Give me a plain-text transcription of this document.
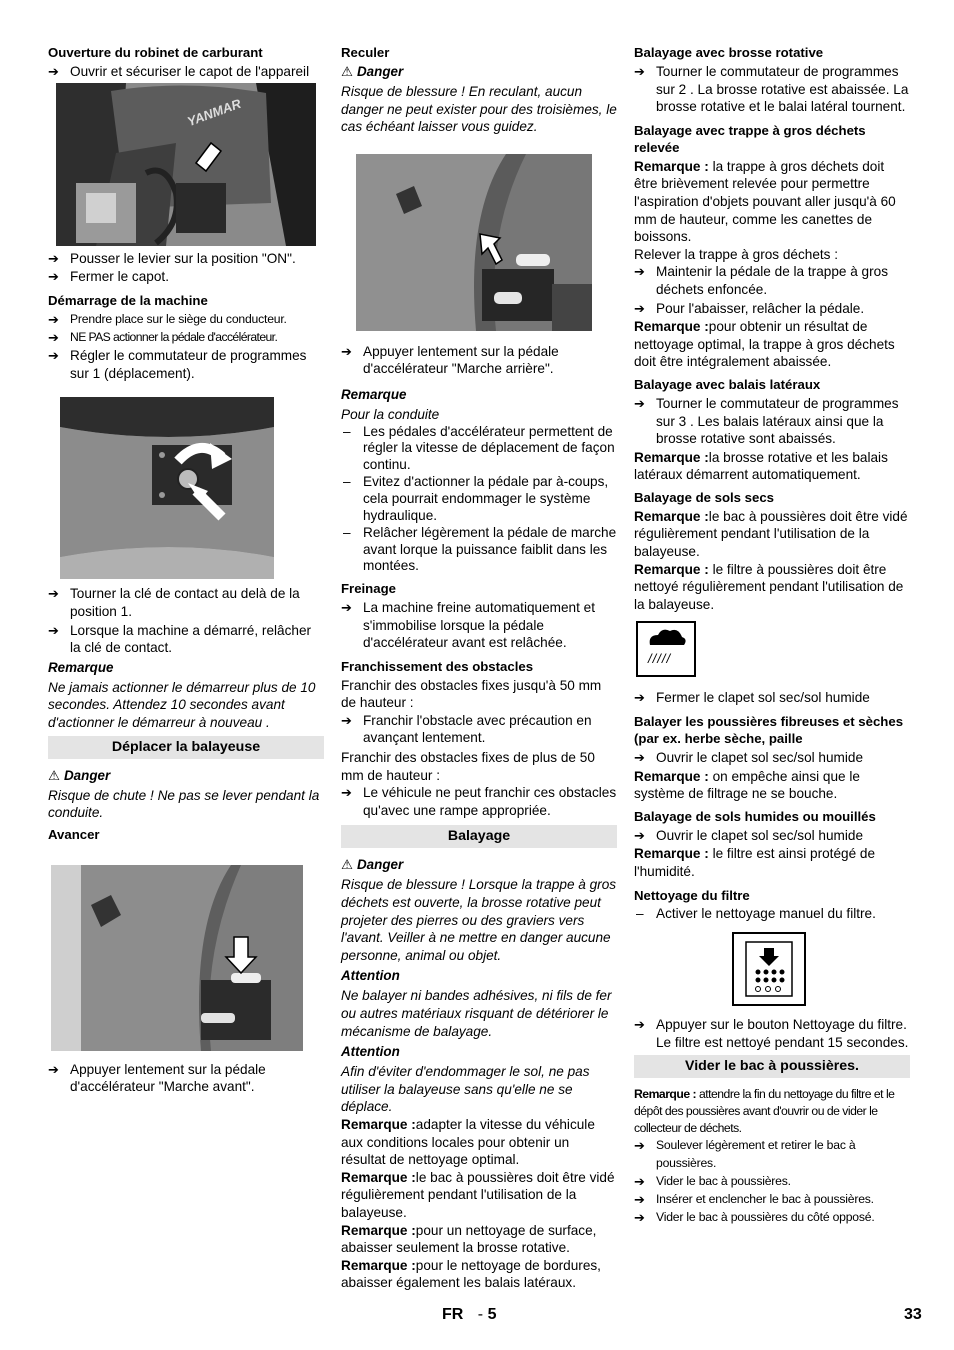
Ouverture du robinet de carburant
➔ Ouvrir et sécuriser le capot de l'appareil
YANMAR
➔ Pousser le levier sur la position "ON".
➔ Fermer le capot.
Démarrage de la machine
➔ Prendre place sur le siège du conducteur.
➔ NE PAS actionner la pédale d'accélérateur.
➔ Régler le commutateur de programmes sur 1 (déplacement).
➔ Tourner la clé de contact au delà de la position 1.
➔ Lorsque la machine a démarré, relâcher la clé de contact.
Remarque
Ne jamais actionner le démarreur plus de 10 secondes. Attendez 10 secondes avant d'actionner le démarreur à nouveau .
Déplacer la balayeuse
⚠ Danger
Risque de chute ! Ne pas se lever pendant la conduite.
Avancer
➔ Appuyer lentement sur la pédale d'accélérateur "Marche avant".
Reculer
⚠ Danger
Risque de blessure ! En reculant, aucun danger ne peut exister pour des troisièmes, le cas échéant laisser vous guidez.
➔ Appuyer lentement sur la pédale d'accélérateur "Marche arrière".
Remarque
Pour la conduite
– Les pédales d'accélérateur permettent de régler la vitesse de déplacement de façon continu.
– Evitez d'actionner la pédale par à-coups, cela pourrait endommager le système hydraulique.
– Relâcher légèrement la pédale de marche avant lorque la puissance faiblit dans les montées.
Freinage
➔ La machine freine automatiquement et s'immobilise lorsque la pédale d'accélérateur avant est relâchée.
Franchissement des obstacles
Franchir des obstacles fixes jusqu'à 50 mm de hauteur :
➔ Franchir l'obstacle avec précaution en avançant lentement.
Franchir des obstacles fixes de plus de 50 mm de hauteur :
➔ Le véhicule ne peut franchir ces obstacles qu'avec une rampe appropriée.
Balayage
⚠ Danger
Risque de blessure ! Lorsque la trappe à gros déchets est ouverte, la brosse rotative peut projeter des pierres ou des graviers vers l'avant. Veiller à ne mettre en danger aucune personne, animal ou objet.
Attention
Ne balayer ni bandes adhésives, ni fils de fer ou autres matériaux risquant de détériorer le mécanisme de balayage.
Attention
Afin d'éviter d'endommager le sol, ne pas utiliser la balayeuse sans qu'elle ne se déplace.
Remarque :adapter la vitesse du véhicule aux conditions locales pour obtenir un résultat de nettoyage optimal.
Remarque :le bac à poussières doit être vidé régulièrement pendant l'utilisation de la balayeuse.
Remarque :pour un nettoyage de surface, abaisser seulement la brosse rotative.
Remarque :pour le nettoyage de bordures, abaisser également les balais latéraux.
Balayage avec brosse rotative
➔ Tourner le commutateur de programmes sur 2 . La brosse rotative est abaissée. La brosse rotative et le balai latéral tournent.
Balayage avec trappe à gros déchets relevée
Remarque : la trappe à gros déchets doit être brièvement relevée pour permettre l'aspiration d'objets pouvant aller jusqu'à 60 mm de hauteur, comme les canettes de boissons.
Relever la trappe à gros déchets :
➔ Maintenir la pédale de la trappe à gros déchets enfoncée.
➔ Pour l'abaisser, relâcher la pédale.
Remarque :pour obtenir un résultat de nettoyage optimal, la trappe à gros déchets doit être intégralement abaissée.
Balayage avec balais latéraux
➔ Tourner le commutateur de programmes sur 3 . Les balais latéraux ainsi que la brosse rotative sont abaissés.
Remarque :la brosse rotative et les balais latéraux démarrent automatiquement.
Balayage de sols secs
Remarque :le bac à poussières doit être vidé régulièrement pendant l'utilisation de la balayeuse.
Remarque : le filtre à poussières doit être nettoyé régulièrement pendant l'utilisation de la balayeuse.
/////
➔ Fermer le clapet sol sec/sol humide
Balayer les poussières fibreuses et sèches (par ex. herbe sèche, paille
➔ Ouvrir le clapet sol sec/sol humide
Remarque : on empêche ainsi que le système de filtrage ne se bouche.
Balayage de sols humides ou mouillés
➔ Ouvrir le clapet sol sec/sol humide
Remarque : le filtre est ainsi protégé de l'humidité.
Nettoyage du filtre
– Activer le nettoyage manuel du filtre.
➔ Appuyer sur le bouton Nettoyage du filtre. Le filtre est nettoyé pendant 15 secondes.
Vider le bac à poussières.
Remarque : attendre la fin du nettoyage du filtre et le dépôt des poussières avant d'ouvrir ou de vider le collecteur de déchets.
➔ Soulever légèrement et retirer le bac à poussières.
➔ Vider le bac à poussières.
➔ Insérer et enclencher le bac à poussières.
➔ Vider le bac à poussières du côté opposé.
FR - 5	33
